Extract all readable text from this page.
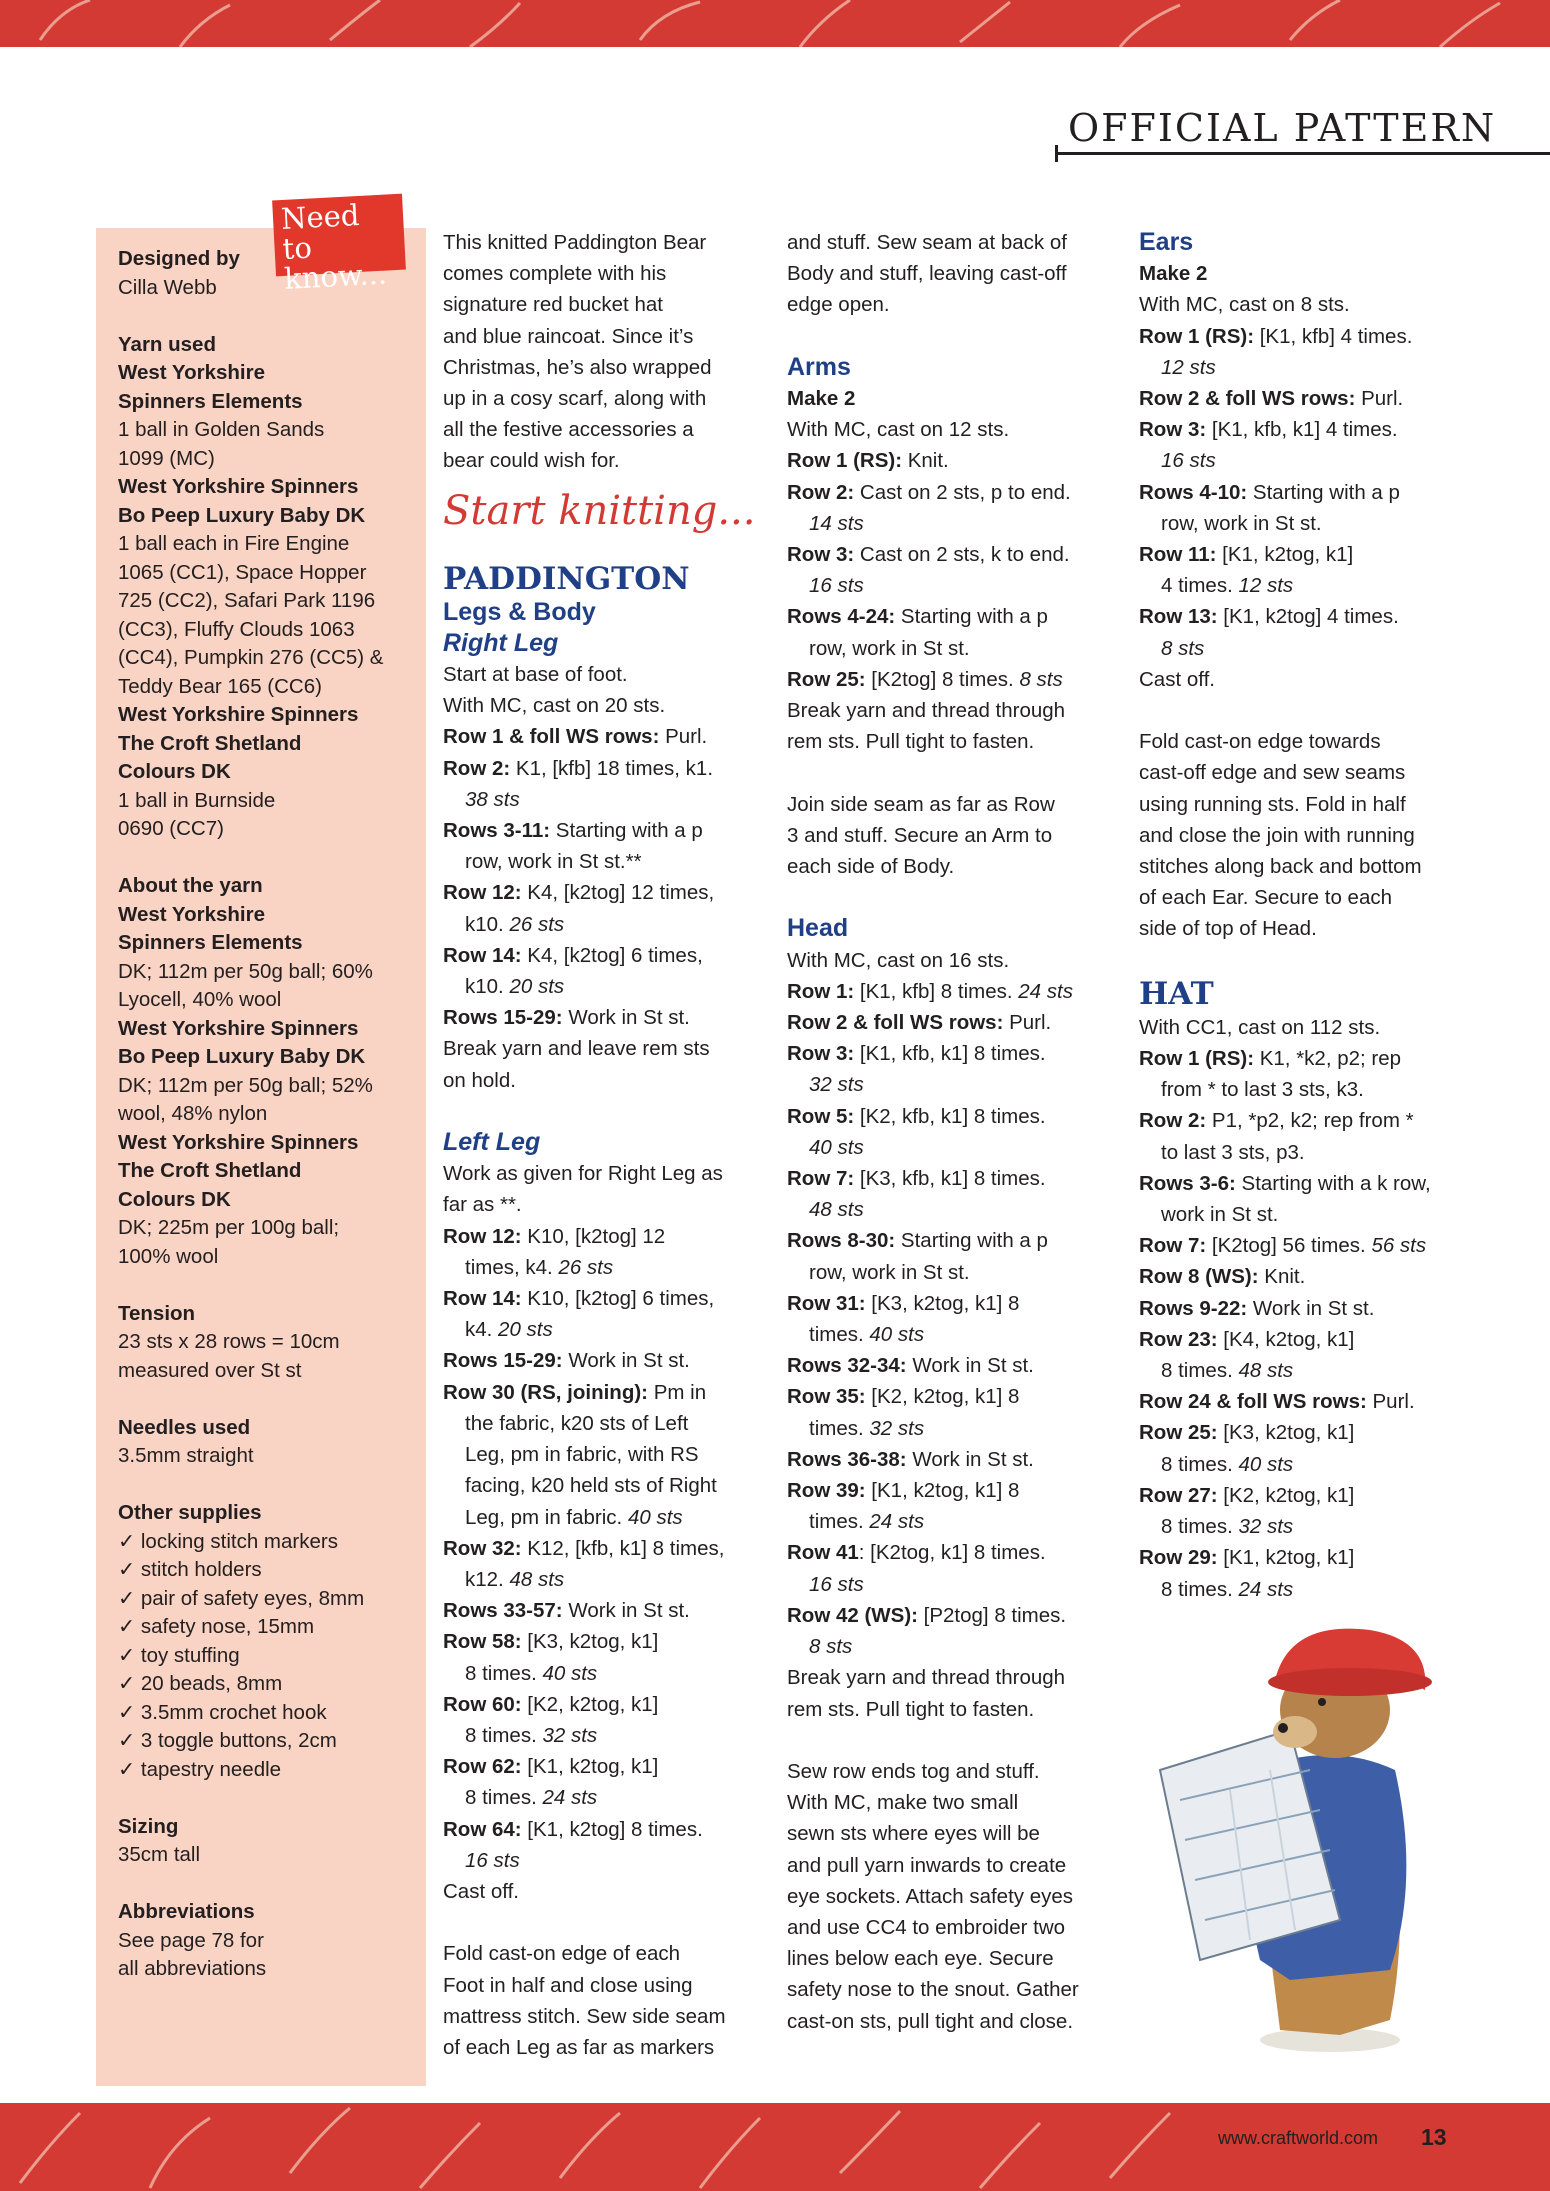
OFFICIAL PATTERN
Need to
know...
Designed by
Cilla Webb
Yarn used
West Yorkshire
Spinners Elements
1 ball in Golden Sands
1099 (MC)
West Yorkshire Spinners
Bo Peep Luxury Baby DK
1 ball each in Fire Engine
1065 (CC1), Space Hopper
725 (CC2), Safari Park 1196
(CC3), Fluffy Clouds 1063
(CC4), Pumpkin 276 (CC5) &
Teddy Bear 165 (CC6)
West Yorkshire Spinners
The Croft Shetland
Colours DK
1 ball in Burnside
0690 (CC7)
About the yarn
West Yorkshire
Spinners Elements
DK; 112m per 50g ball; 60%
Lyocell, 40% wool
West Yorkshire Spinners
Bo Peep Luxury Baby DK
DK; 112m per 50g ball; 52%
wool, 48% nylon
West Yorkshire Spinners
The Croft Shetland
Colours DK
DK; 225m per 100g ball;
100% wool
Tension
23 sts x 28 rows = 10cm
measured over St st
Needles used
3.5mm straight
Other supplies
✓ locking stitch markers
✓ stitch holders
✓ pair of safety eyes, 8mm
✓ safety nose, 15mm
✓ toy stuffing
✓ 20 beads, 8mm
✓ 3.5mm crochet hook
✓ 3 toggle buttons, 2cm
✓ tapestry needle
Sizing
35cm tall
Abbreviations
See page 78 for
all abbreviations
This knitted Paddington Bear
comes complete with his
signature red bucket hat
and blue raincoat. Since it’s
Christmas, he’s also wrapped
up in a cosy scarf, along with
all the festive accessories a
bear could wish for.
Start knitting...
PADDINGTON
Legs & Body
Right Leg
Start at base of foot.
With MC, cast on 20 sts.
Row 1 & foll WS rows: Purl.
Row 2: K1, [kfb] 18 times, k1.
38 sts
Rows 3-11: Starting with a p
row, work in St st.**
Row 12: K4, [k2tog] 12 times,
k10. 26 sts
Row 14: K4, [k2tog] 6 times,
k10. 20 sts
Rows 15-29: Work in St st.
Break yarn and leave rem sts
on hold.
Left Leg
Work as given for Right Leg as
far as **.
Row 12: K10, [k2tog] 12
times, k4. 26 sts
Row 14: K10, [k2tog] 6 times,
k4. 20 sts
Rows 15-29: Work in St st.
Row 30 (RS, joining): Pm in
the fabric, k20 sts of Left
Leg, pm in fabric, with RS
facing, k20 held sts of Right
Leg, pm in fabric. 40 sts
Row 32: K12, [kfb, k1] 8 times,
k12. 48 sts
Rows 33-57: Work in St st.
Row 58: [K3, k2tog, k1]
8 times. 40 sts
Row 60: [K2, k2tog, k1]
8 times. 32 sts
Row 62: [K1, k2tog, k1]
8 times. 24 sts
Row 64: [K1, k2tog] 8 times.
16 sts
Cast off.
Fold cast-on edge of each
Foot in half and close using
mattress stitch. Sew side seam
of each Leg as far as markers
and stuff. Sew seam at back of
Body and stuff, leaving cast-off
edge open.
Arms
Make 2
With MC, cast on 12 sts.
Row 1 (RS): Knit.
Row 2: Cast on 2 sts, p to end.
14 sts
Row 3: Cast on 2 sts, k to end.
16 sts
Rows 4-24: Starting with a p
row, work in St st.
Row 25: [K2tog] 8 times. 8 sts
Break yarn and thread through
rem sts. Pull tight to fasten.
Join side seam as far as Row
3 and stuff. Secure an Arm to
each side of Body.
Head
With MC, cast on 16 sts.
Row 1: [K1, kfb] 8 times. 24 sts
Row 2 & foll WS rows: Purl.
Row 3: [K1, kfb, k1] 8 times.
32 sts
Row 5: [K2, kfb, k1] 8 times.
40 sts
Row 7: [K3, kfb, k1] 8 times.
48 sts
Rows 8-30: Starting with a p
row, work in St st.
Row 31: [K3, k2tog, k1] 8
times. 40 sts
Rows 32-34: Work in St st.
Row 35: [K2, k2tog, k1] 8
times. 32 sts
Rows 36-38: Work in St st.
Row 39: [K1, k2tog, k1] 8
times. 24 sts
Row 41: [K2tog, k1] 8 times.
16 sts
Row 42 (WS): [P2tog] 8 times.
8 sts
Break yarn and thread through
rem sts. Pull tight to fasten.
Sew row ends tog and stuff.
With MC, make two small
sewn sts where eyes will be
and pull yarn inwards to create
eye sockets. Attach safety eyes
and use CC4 to embroider two
lines below each eye. Secure
safety nose to the snout. Gather
cast-on sts, pull tight and close.
Ears
Make 2
With MC, cast on 8 sts.
Row 1 (RS): [K1, kfb] 4 times.
12 sts
Row 2 & foll WS rows: Purl.
Row 3: [K1, kfb, k1] 4 times.
16 sts
Rows 4-10: Starting with a p
row, work in St st.
Row 11: [K1, k2tog, k1]
4 times. 12 sts
Row 13: [K1, k2tog] 4 times.
8 sts
Cast off.
Fold cast-on edge towards
cast-off edge and sew seams
using running sts. Fold in half
and close the join with running
stitches along back and bottom
of each Ear. Secure to each
side of top of Head.
HAT
With CC1, cast on 112 sts.
Row 1 (RS): K1, *k2, p2; rep
from * to last 3 sts, k3.
Row 2: P1, *p2, k2; rep from *
to last 3 sts, p3.
Rows 3-6: Starting with a k row,
work in St st.
Row 7: [K2tog] 56 times. 56 sts
Row 8 (WS): Knit.
Rows 9-22: Work in St st.
Row 23: [K4, k2tog, k1]
8 times. 48 sts
Row 24 & foll WS rows: Purl.
Row 25: [K3, k2tog, k1]
8 times. 40 sts
Row 27: [K2, k2tog, k1]
8 times. 32 sts
Row 29: [K1, k2tog, k1]
8 times. 24 sts
www.craftworld.com 13
